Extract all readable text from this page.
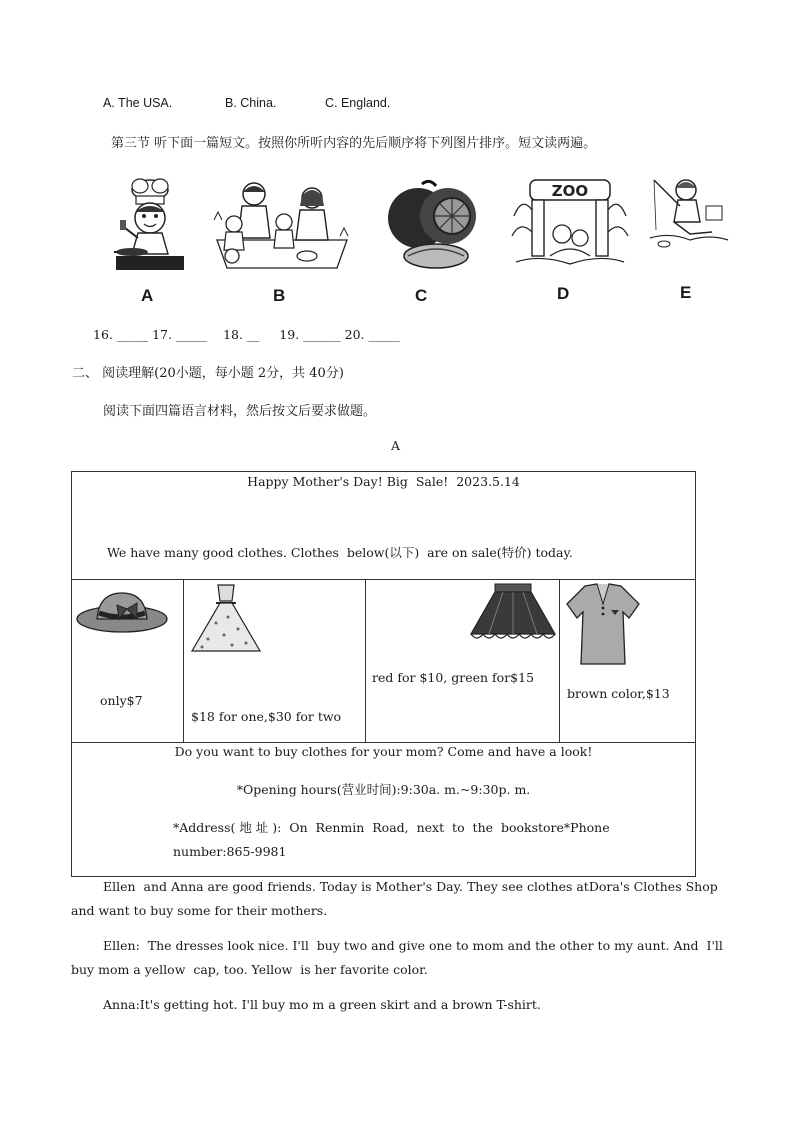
A. The USA.	B. China.	C. England.
第三节 听下面一篇短文。按照你所听内容的先后顺序将下列图片排序。短文读两遍。
ZOO
A	B	C	D	E
16. _____ 17. _____    18. __     19. ______ 20. _____
二、 阅读理解(20小题，每小题 2分，共 40分)
阅读下面四篇语言材料，然后按文后要求做题。
A
Happy Mother's Day! Big  Sale!  2023.5.14
We have many good clothes. Clothes  below(以下)  are on sale(特价) today.
only$7
$18 for one,$30 for two
red for $10, green for$15
brown color,$13
Do you want to buy clothes for your mom? Come and have a look!
*Opening hours(营业时间):9:30a. m.~9:30p. m.
*Address( 地 址 ):  On  Renmin  Road,  next  to  the  bookstore*Phone
number:865-9981
Ellen  and Anna are good friends. Today is Mother's Day. They see clothes atDora's Clothes Shop
and want to buy some for their mothers.
Ellen:  The dresses look nice. I'll  buy two and give one to mom and the other to my aunt. And  I'll
buy mom a yellow  cap, too. Yellow  is her favorite color.
Anna:It's getting hot. I'll buy mo m a green skirt and a brown T-shirt.
